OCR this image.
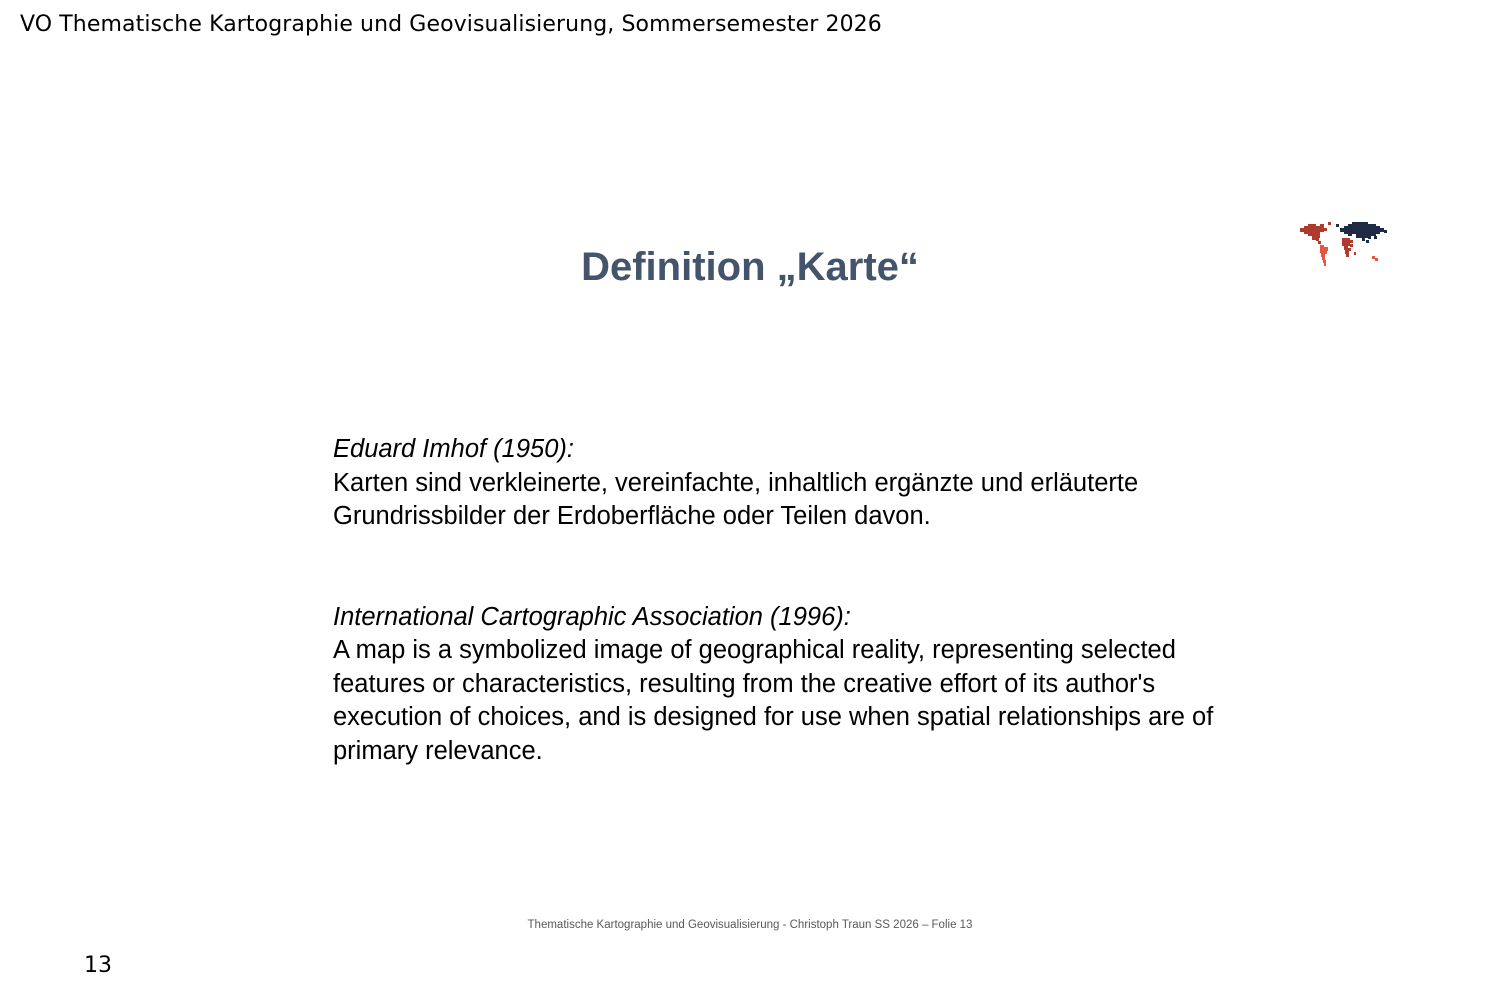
VO Thematische Kartographie und Geovisualisierung, Sommersemester 2026
Definition „Karte“

Eduard Imhof (1950):
Karten sind verkleinerte, vereinfachte, inhaltlich ergänzte und erläuterte Grundrissbilder der Erdoberfläche oder Teilen davon.

International Cartographic Association (1996):
A map is a symbolized image of geographical reality, representing selected features or characteristics, resulting from the creative effort of its author's execution of choices, and is designed for use when spatial relationships are of primary relevance.

Thematische Kartographie und Geovisualisierung - Christoph Traun SS 2026 – Folie 13
13
